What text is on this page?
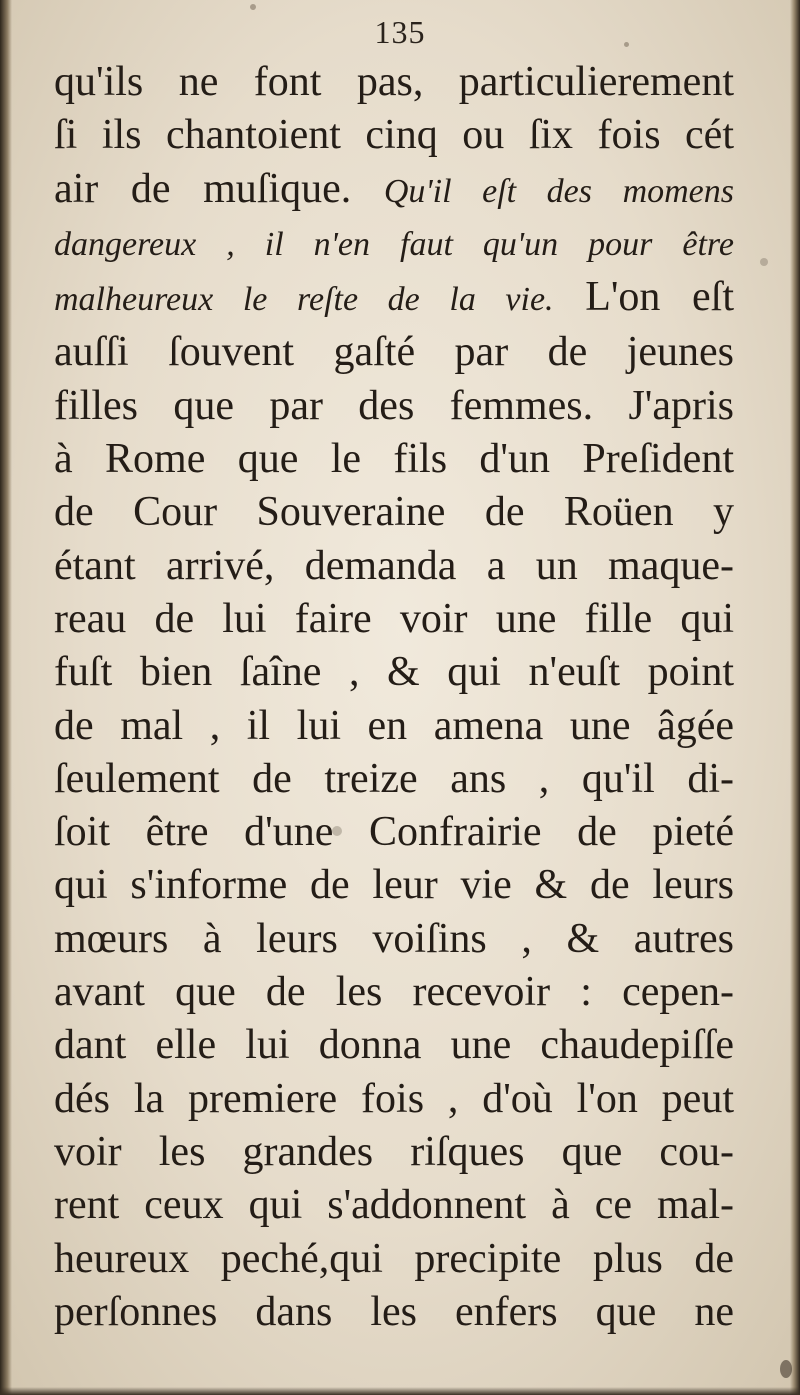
135
qu'ils ne font pas, particulierement
ſi ils chantoient cinq ou ſix fois cét
air de muſique. Qu'il eſt des momens
dangereux , il n'en faut qu'un pour être
malheureux le reſte de la vie. L'on eſt
auſſi ſouvent gaſté par de jeunes
filles que par des femmes. J'apris
à Rome que le fils d'un Preſident
de Cour Souveraine de Roüen y
étant arrivé, demanda a un maque-
reau de lui faire voir une fille qui
fuſt bien ſaîne , & qui n'euſt point
de mal , il lui en amena une âgée
ſeulement de treize ans , qu'il di-
ſoit être d'une Confrairie de pieté
qui s'informe de leur vie & de leurs
mœurs à leurs voiſins , & autres
avant que de les recevoir : cepen-
dant elle lui donna une chaudepiſſe
dés la premiere fois , d'où l'on peut
voir les grandes riſques que cou-
rent ceux qui s'addonnent à ce mal-
heureux peché,qui precipite plus de
perſonnes dans les enfers que ne
